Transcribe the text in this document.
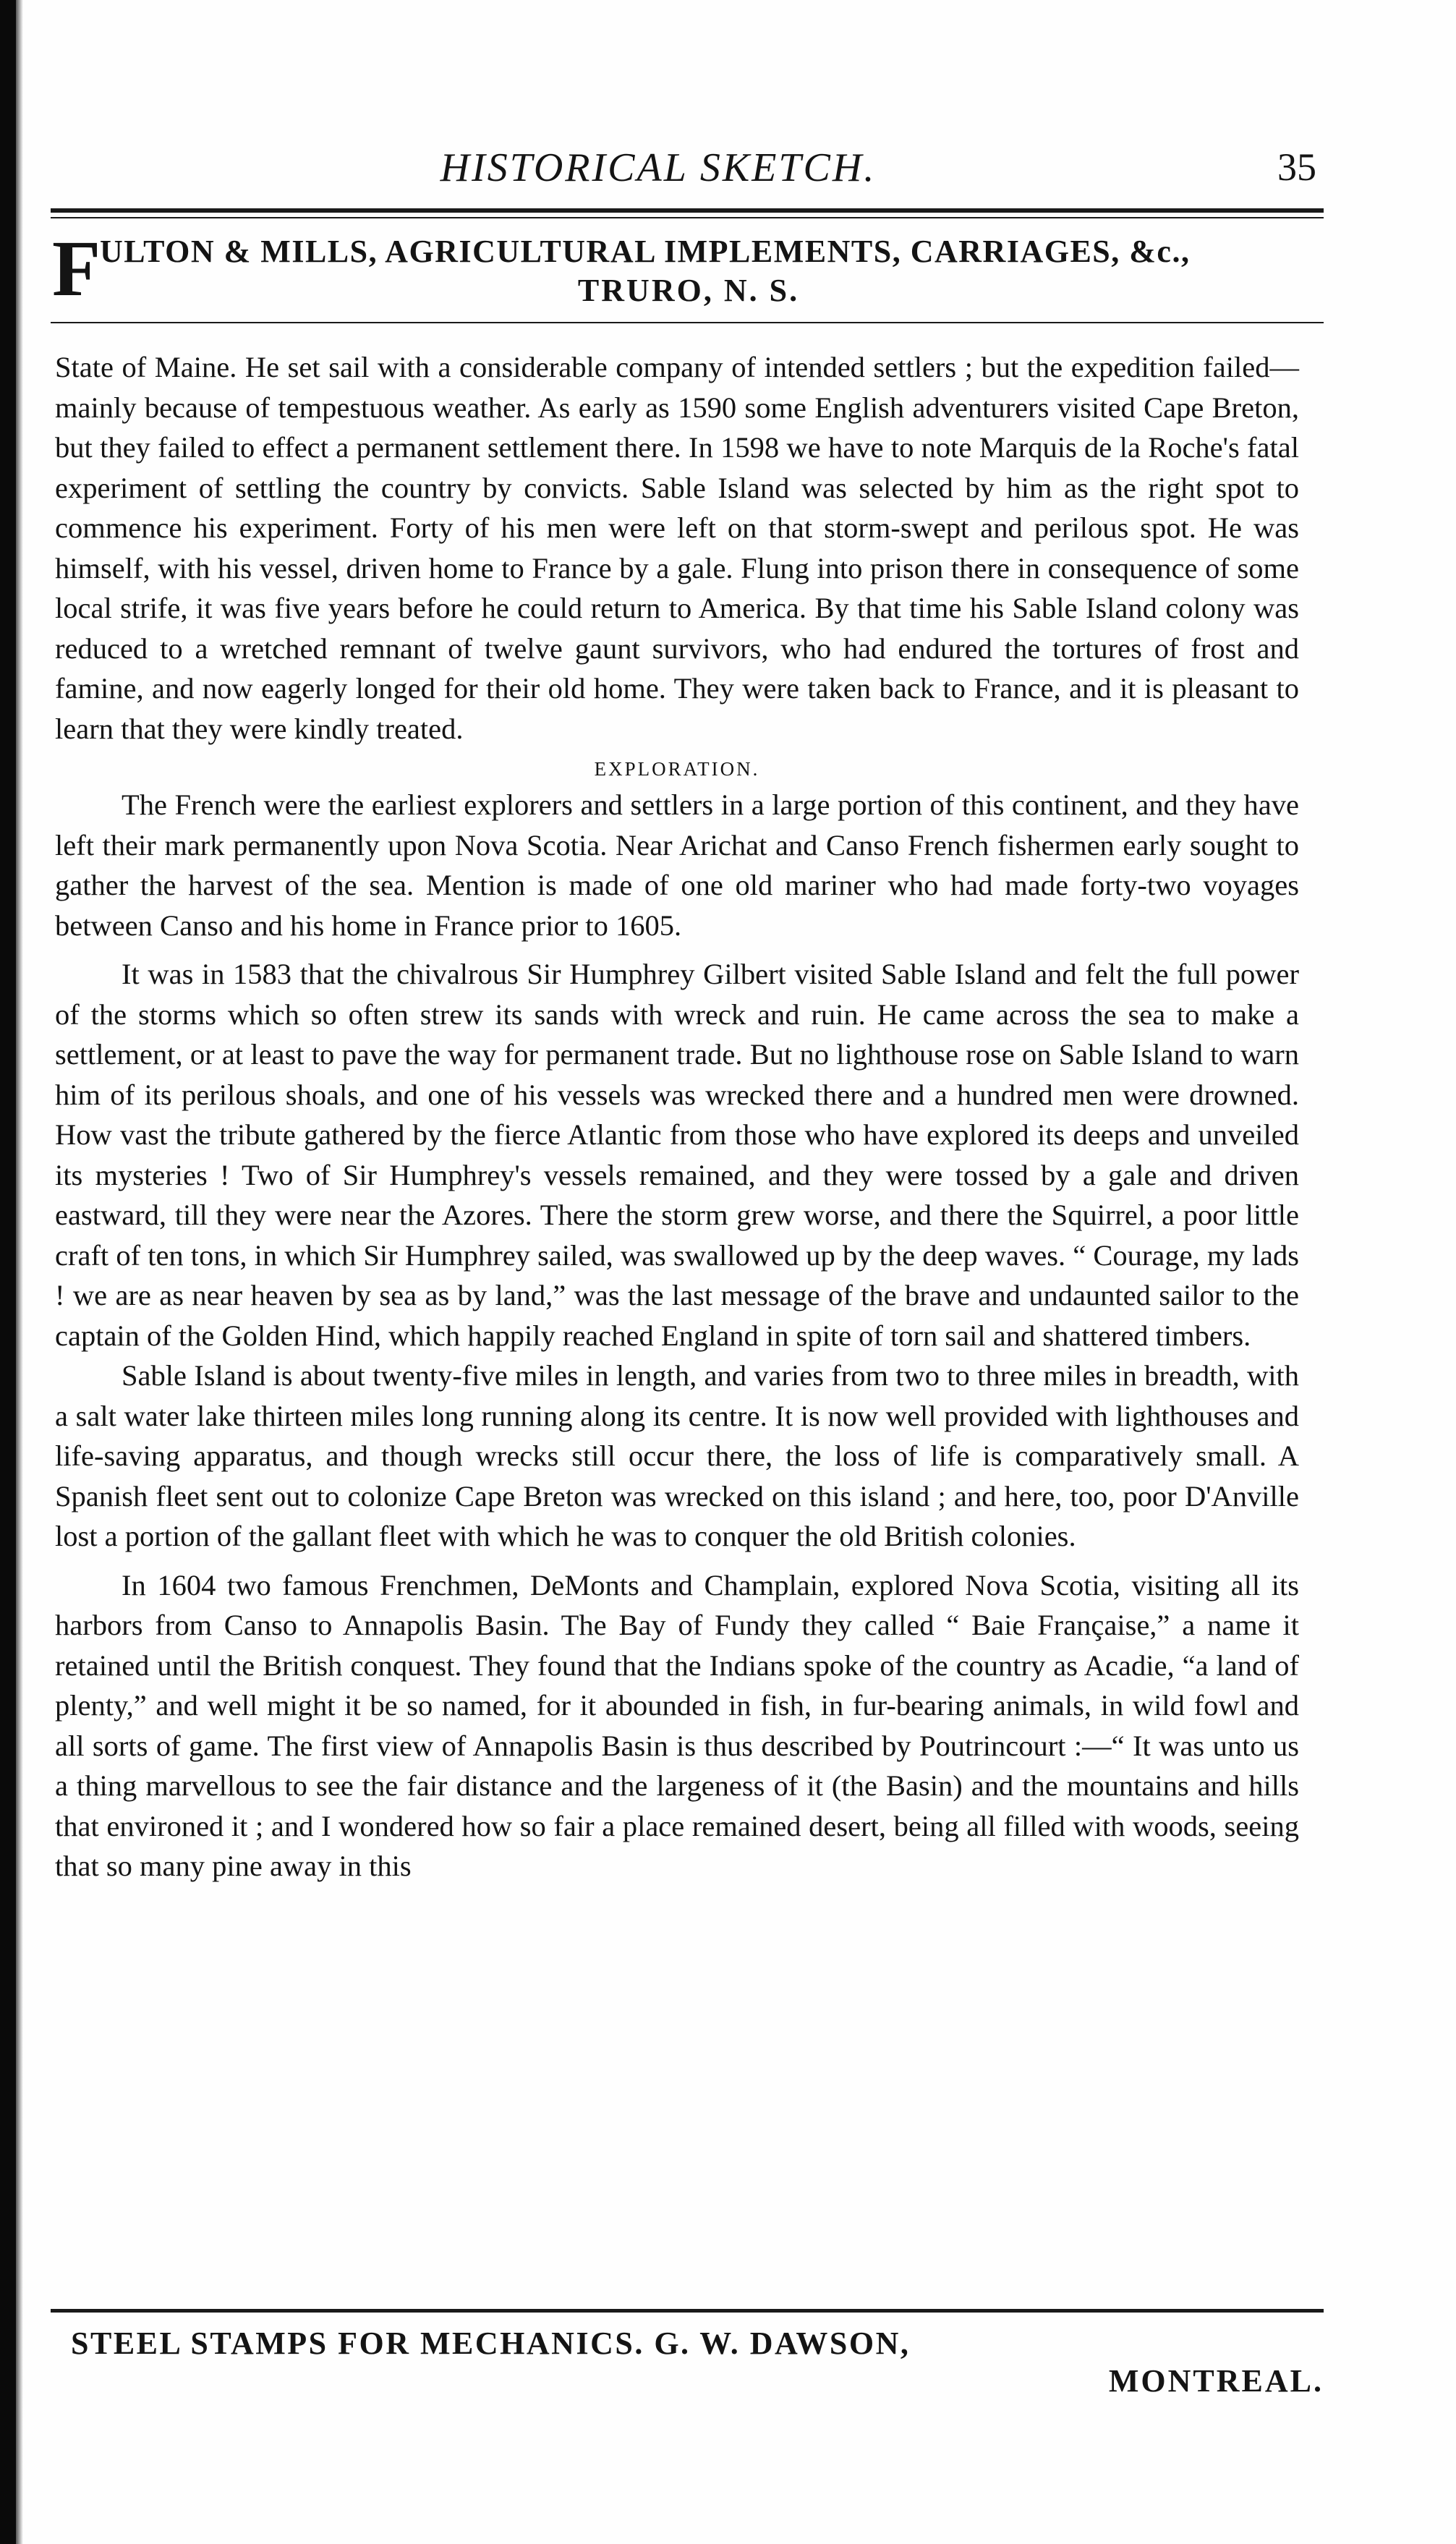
HISTORICAL SKETCH.	35
F
ULTON & MILLS, AGRICULTURAL IMPLEMENTS, CARRIAGES, &c.,
TRURO, N. S.

State of Maine. He set sail with a considerable company of intended settlers ; but the expedition failed—mainly because of tempestuous weather. As early as 1590 some English adventurers visited Cape Breton, but they failed to effect a permanent settlement there. In 1598 we have to note Marquis de la Roche's fatal experiment of settling the country by convicts. Sable Island was selected by him as the right spot to commence his experiment. Forty of his men were left on that storm-swept and perilous spot. He was himself, with his vessel, driven home to France by a gale. Flung into prison there in consequence of some local strife, it was five years before he could return to America. By that time his Sable Island colony was reduced to a wretched remnant of twelve gaunt survivors, who had endured the tortures of frost and famine, and now eagerly longed for their old home. They were taken back to France, and it is pleasant to learn that they were kindly treated.

EXPLORATION.

The French were the earliest explorers and settlers in a large portion of this continent, and they have left their mark permanently upon Nova Scotia. Near Arichat and Canso French fishermen early sought to gather the harvest of the sea. Mention is made of one old mariner who had made forty-two voyages between Canso and his home in France prior to 1605.

It was in 1583 that the chivalrous Sir Humphrey Gilbert visited Sable Island and felt the full power of the storms which so often strew its sands with wreck and ruin. He came across the sea to make a settlement, or at least to pave the way for permanent trade. But no lighthouse rose on Sable Island to warn him of its perilous shoals, and one of his vessels was wrecked there and a hundred men were drowned. How vast the tribute gathered by the fierce Atlantic from those who have explored its deeps and unveiled its mysteries ! Two of Sir Humphrey's vessels remained, and they were tossed by a gale and driven eastward, till they were near the Azores. There the storm grew worse, and there the Squirrel, a poor little craft of ten tons, in which Sir Humphrey sailed, was swallowed up by the deep waves. “ Courage, my lads ! we are as near heaven by sea as by land,” was the last message of the brave and undaunted sailor to the captain of the Golden Hind, which happily reached England in spite of torn sail and shattered timbers.

Sable Island is about twenty-five miles in length, and varies from two to three miles in breadth, with a salt water lake thirteen miles long running along its centre. It is now well provided with lighthouses and life-saving apparatus, and though wrecks still occur there, the loss of life is comparatively small. A Spanish fleet sent out to colonize Cape Breton was wrecked on this island ; and here, too, poor D'Anville lost a portion of the gallant fleet with which he was to conquer the old British colonies.

In 1604 two famous Frenchmen, DeMonts and Champlain, explored Nova Scotia, visiting all its harbors from Canso to Annapolis Basin. The Bay of Fundy they called “ Baie Française,” a name it retained until the British conquest. They found that the Indians spoke of the country as Acadie, “a land of plenty,” and well might it be so named, for it abounded in fish, in fur-bearing animals, in wild fowl and all sorts of game. The first view of Annapolis Basin is thus described by Poutrincourt :—“ It was unto us a thing marvellous to see the fair distance and the largeness of it (the Basin) and the mountains and hills that environed it ; and I wondered how so fair a place remained desert, being all filled with woods, seeing that so many pine away in this

STEEL STAMPS FOR MECHANICS. G. W. DAWSON,
MONTREAL.
